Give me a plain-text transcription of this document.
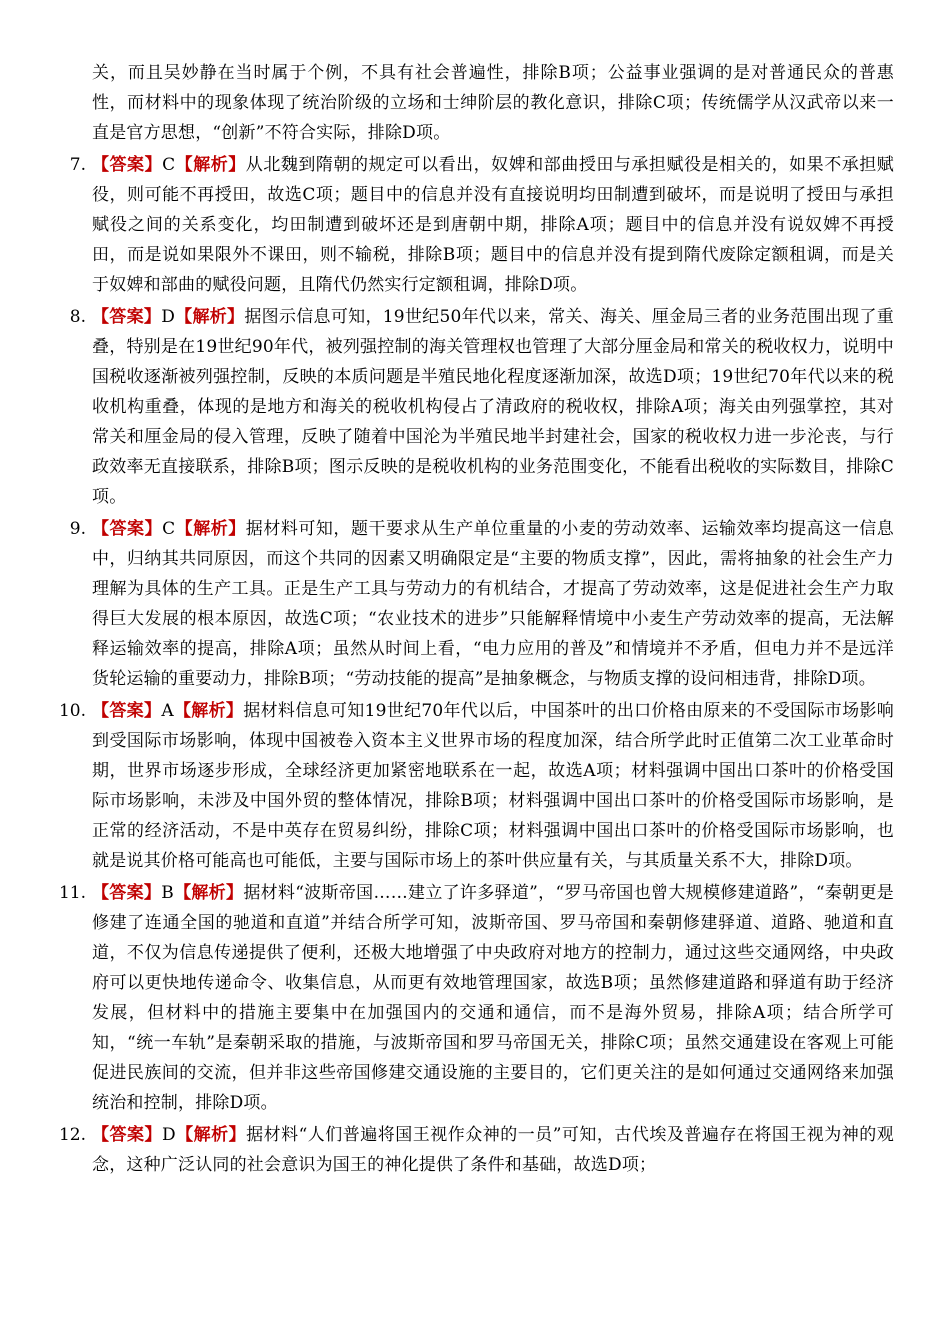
关，而且吴妙静在当时属于个例，不具有社会普遍性，排除B项；公益事业强调的是对普通民众的普惠性，而材料中的现象体现了统治阶级的立场和士绅阶层的教化意识，排除C项；传统儒学从汉武帝以来一直是官方思想，“创新”不符合实际，排除D项。

7. 【答案】C【解析】从北魏到隋朝的规定可以看出，奴婢和部曲授田与承担赋役是相关的，如果不承担赋役，则可能不再授田，故选C项；题目中的信息并没有直接说明均田制遭到破坏，而是说明了授田与承担赋役之间的关系变化，均田制遭到破坏还是到唐朝中期，排除A项；题目中的信息并没有说奴婢不再授田，而是说如果限外不课田，则不输税，排除B项；题目中的信息并没有提到隋代废除定额租调，而是关于奴婢和部曲的赋役问题，且隋代仍然实行定额租调，排除D项。

8. 【答案】D【解析】据图示信息可知，19世纪50年代以来，常关、海关、厘金局三者的业务范围出现了重叠，特别是在19世纪90年代，被列强控制的海关管理权也管理了大部分厘金局和常关的税收权力，说明中国税收逐渐被列强控制，反映的本质问题是半殖民地化程度逐渐加深，故选D项；19世纪70年代以来的税收机构重叠，体现的是地方和海关的税收机构侵占了清政府的税收权，排除A项；海关由列强掌控，其对常关和厘金局的侵入管理，反映了随着中国沦为半殖民地半封建社会，国家的税收权力进一步沦丧，与行政效率无直接联系，排除B项；图示反映的是税收机构的业务范围变化，不能看出税收的实际数目，排除C项。

9. 【答案】C【解析】据材料可知，题干要求从生产单位重量的小麦的劳动效率、运输效率均提高这一信息中，归纳其共同原因，而这个共同的因素又明确限定是“主要的物质支撑”，因此，需将抽象的社会生产力理解为具体的生产工具。正是生产工具与劳动力的有机结合，才提高了劳动效率，这是促进社会生产力取得巨大发展的根本原因，故选C项；“农业技术的进步”只能解释情境中小麦生产劳动效率的提高，无法解释运输效率的提高，排除A项；虽然从时间上看，“电力应用的普及”和情境并不矛盾，但电力并不是远洋货轮运输的重要动力，排除B项；“劳动技能的提高”是抽象概念，与物质支撑的设问相违背，排除D项。

10. 【答案】A【解析】据材料信息可知19世纪70年代以后，中国茶叶的出口价格由原来的不受国际市场影响到受国际市场影响，体现中国被卷入资本主义世界市场的程度加深，结合所学此时正值第二次工业革命时期，世界市场逐步形成，全球经济更加紧密地联系在一起，故选A项；材料强调中国出口茶叶的价格受国际市场影响，未涉及中国外贸的整体情况，排除B项；材料强调中国出口茶叶的价格受国际市场影响，是正常的经济活动，不是中英存在贸易纠纷，排除C项；材料强调中国出口茶叶的价格受国际市场影响，也就是说其价格可能高也可能低，主要与国际市场上的茶叶供应量有关，与其质量关系不大，排除D项。

11. 【答案】B【解析】据材料“波斯帝国……建立了许多驿道”，“罗马帝国也曾大规模修建道路”，“秦朝更是修建了连通全国的驰道和直道”并结合所学可知，波斯帝国、罗马帝国和秦朝修建驿道、道路、驰道和直道，不仅为信息传递提供了便利，还极大地增强了中央政府对地方的控制力，通过这些交通网络，中央政府可以更快地传递命令、收集信息，从而更有效地管理国家，故选B项；虽然修建道路和驿道有助于经济发展，但材料中的措施主要集中在加强国内的交通和通信，而不是海外贸易，排除A项；结合所学可知，“统一车轨”是秦朝采取的措施，与波斯帝国和罗马帝国无关，排除C项；虽然交通建设在客观上可能促进民族间的交流，但并非这些帝国修建交通设施的主要目的，它们更关注的是如何通过交通网络来加强统治和控制，排除D项。

12. 【答案】D【解析】据材料“人们普遍将国王视作众神的一员”可知，古代埃及普遍存在将国王视为神的观念，这种广泛认同的社会意识为国王的神化提供了条件和基础，故选D项；
